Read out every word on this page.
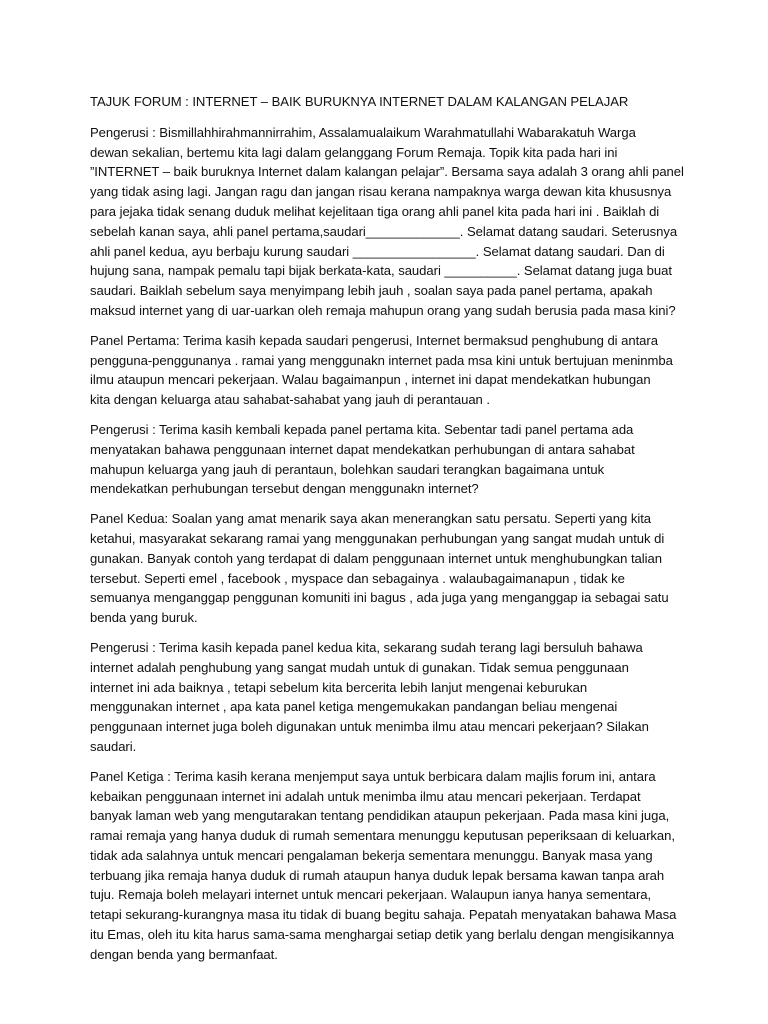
TAJUK FORUM : INTERNET – BAIK BURUKNYA INTERNET DALAM KALANGAN PELAJAR
Pengerusi : Bismillahhirahmannirrahim, Assalamualaikum Warahmatullahi Wabarakatuh Warga
dewan sekalian, bertemu kita lagi dalam gelanggang Forum Remaja. Topik kita pada hari ini
”INTERNET – baik buruknya Internet dalam kalangan pelajar”. Bersama saya adalah 3 orang ahli panel
yang tidak asing lagi. Jangan ragu dan jangan risau kerana nampaknya warga dewan kita khususnya
para jejaka tidak senang duduk melihat kejelitaan tiga orang ahli panel kita pada hari ini . Baiklah di
sebelah kanan saya, ahli panel pertama,saudari_____________. Selamat datang saudari. Seterusnya
ahli panel kedua, ayu berbaju kurung saudari _________________. Selamat datang saudari. Dan di
hujung sana, nampak pemalu tapi bijak berkata-kata, saudari __________. Selamat datang juga buat
saudari. Baiklah sebelum saya menyimpang lebih jauh , soalan saya pada panel pertama, apakah
maksud internet yang di uar-uarkan oleh remaja mahupun orang yang sudah berusia pada masa kini?
Panel Pertama: Terima kasih kepada saudari pengerusi, Internet bermaksud penghubung di antara
pengguna-penggunanya . ramai yang menggunakn internet pada msa kini untuk bertujuan meninmba
ilmu ataupun mencari pekerjaan. Walau bagaimanpun , internet ini dapat mendekatkan hubungan
kita dengan keluarga atau sahabat-sahabat yang jauh di perantauan .
Pengerusi : Terima kasih kembali kepada panel pertama kita. Sebentar tadi panel pertama ada
menyatakan bahawa penggunaan internet dapat mendekatkan perhubungan di antara sahabat
mahupun keluarga yang jauh di perantaun, bolehkan saudari terangkan bagaimana untuk
mendekatkan perhubungan tersebut dengan menggunakn internet?
Panel Kedua: Soalan yang amat menarik saya akan menerangkan satu persatu. Seperti yang kita
ketahui, masyarakat sekarang ramai yang menggunakan perhubungan yang sangat mudah untuk di
gunakan. Banyak contoh yang terdapat di dalam penggunaan internet untuk menghubungkan talian
tersebut. Seperti emel , facebook , myspace dan sebagainya . walaubagaimanapun , tidak ke
semuanya menganggap penggunan komuniti ini bagus , ada juga yang menganggap ia sebagai satu
benda yang buruk.
Pengerusi : Terima kasih kepada panel kedua kita, sekarang sudah terang lagi bersuluh bahawa
internet adalah penghubung yang sangat mudah untuk di gunakan. Tidak semua penggunaan
internet ini ada baiknya , tetapi sebelum kita bercerita lebih lanjut mengenai keburukan
menggunakan internet , apa kata panel ketiga mengemukakan pandangan beliau mengenai
penggunaan internet juga boleh digunakan untuk menimba ilmu atau mencari pekerjaan? Silakan
saudari.
Panel Ketiga : Terima kasih kerana menjemput saya untuk berbicara dalam majlis forum ini, antara
kebaikan penggunaan internet ini adalah untuk menimba ilmu atau mencari pekerjaan. Terdapat
banyak laman web yang mengutarakan tentang pendidikan ataupun pekerjaan. Pada masa kini juga,
ramai remaja yang hanya duduk di rumah sementara menunggu keputusan peperiksaan di keluarkan,
tidak ada salahnya untuk mencari pengalaman bekerja sementara menunggu. Banyak masa yang
terbuang jika remaja hanya duduk di rumah ataupun hanya duduk lepak bersama kawan tanpa arah
tuju. Remaja boleh melayari internet untuk mencari pekerjaan. Walaupun ianya hanya sementara,
tetapi sekurang-kurangnya masa itu tidak di buang begitu sahaja. Pepatah menyatakan bahawa Masa
itu Emas, oleh itu kita harus sama-sama menghargai setiap detik yang berlalu dengan mengisikannya
dengan benda yang bermanfaat.
